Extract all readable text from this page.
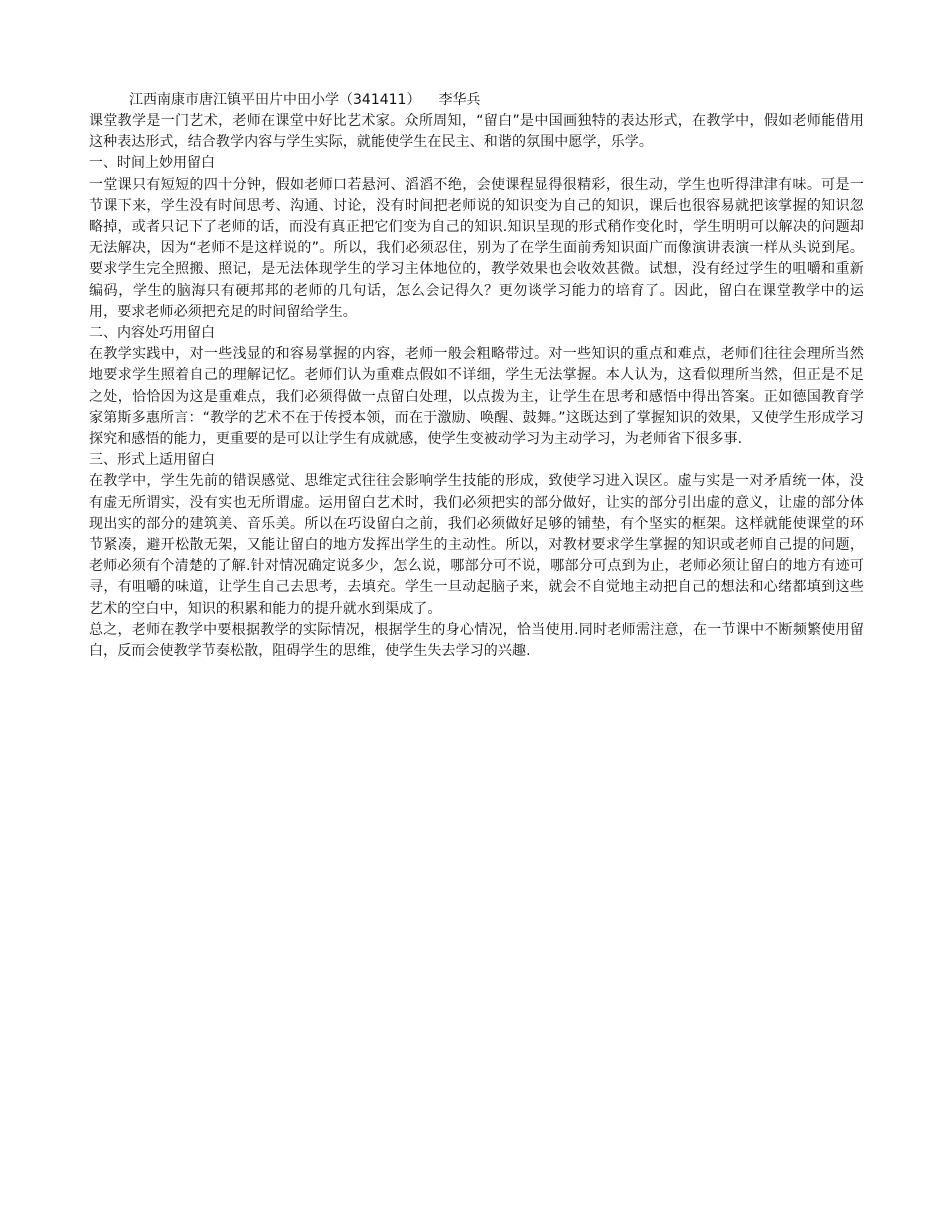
江西南康市唐江镇平田片中田小学（341411） 李华兵

课堂教学是一门艺术，老师在课堂中好比艺术家。众所周知，“留白”是中国画独特的表达形式，在教学中，假如老师能借用这种表达形式，结合教学内容与学生实际，就能使学生在民主、和谐的氛围中愿学，乐学。

一、时间上妙用留白

一堂课只有短短的四十分钟，假如老师口若悬河、滔滔不绝，会使课程显得很精彩，很生动，学生也听得津津有味。可是一节课下来，学生没有时间思考、沟通、讨论，没有时间把老师说的知识变为自己的知识，课后也很容易就把该掌握的知识忽略掉，或者只记下了老师的话，而没有真正把它们变为自己的知识.知识呈现的形式稍作变化时，学生明明可以解决的问题却无法解决，因为“老师不是这样说的”。所以，我们必须忍住，别为了在学生面前秀知识面广而像演讲表演一样从头说到尾。要求学生完全照搬、照记，是无法体现学生的学习主体地位的，教学效果也会收效甚微。试想，没有经过学生的咀嚼和重新编码，学生的脑海只有硬邦邦的老师的几句话，怎么会记得久？更勿谈学习能力的培育了。因此，留白在课堂教学中的运用，要求老师必须把充足的时间留给学生。

二、内容处巧用留白

在教学实践中，对一些浅显的和容易掌握的内容，老师一般会粗略带过。对一些知识的重点和难点，老师们往往会理所当然地要求学生照着自己的理解记忆。老师们认为重难点假如不详细，学生无法掌握。本人认为，这看似理所当然，但正是不足之处，恰恰因为这是重难点，我们必须得做一点留白处理，以点拨为主，让学生在思考和感悟中得出答案。正如德国教育学家第斯多惠所言：“教学的艺术不在于传授本领，而在于激励、唤醒、鼓舞。”这既达到了掌握知识的效果，又使学生形成学习探究和感悟的能力，更重要的是可以让学生有成就感，使学生变被动学习为主动学习，为老师省下很多事.

三、形式上适用留白

在教学中，学生先前的错误感觉、思维定式往往会影响学生技能的形成，致使学习进入误区。虚与实是一对矛盾统一体，没有虚无所谓实，没有实也无所谓虚。运用留白艺术时，我们必须把实的部分做好，让实的部分引出虚的意义，让虚的部分体现出实的部分的建筑美、音乐美。所以在巧设留白之前，我们必须做好足够的铺垫，有个坚实的框架。这样就能使课堂的环节紧凑，避开松散无架，又能让留白的地方发挥出学生的主动性。所以，对教材要求学生掌握的知识或老师自己提的问题，老师必须有个清楚的了解.针对情况确定说多少，怎么说，哪部分可不说，哪部分可点到为止，老师必须让留白的地方有迹可寻，有咀嚼的味道，让学生自己去思考，去填充。学生一旦动起脑子来，就会不自觉地主动把自己的想法和心绪都填到这些艺术的空白中，知识的积累和能力的提升就水到渠成了。

总之，老师在教学中要根据教学的实际情况，根据学生的身心情况，恰当使用.同时老师需注意，在一节课中不断频繁使用留白，反而会使教学节奏松散，阻碍学生的思维，使学生失去学习的兴趣.
